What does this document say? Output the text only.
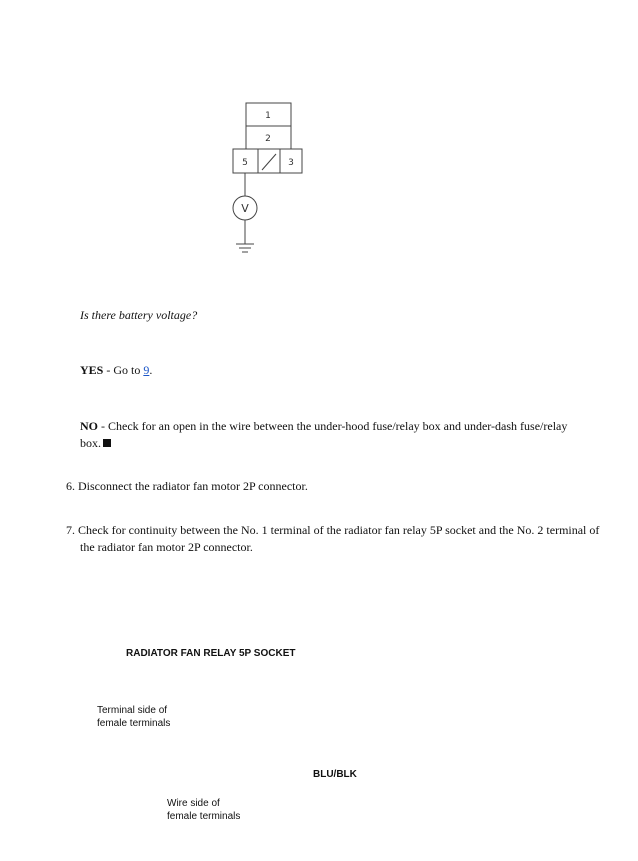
1
2
5	3
V
Is there battery voltage?
YES - Go to 9.
NO - Check for an open in the wire between the under-hood fuse/relay box and under-dash fuse/relay box.
6. Disconnect the radiator fan motor 2P connector.
7. Check for continuity between the No. 1 terminal of the radiator fan relay 5P socket and the No. 2 terminal of the radiator fan motor 2P connector.
RADIATOR FAN RELAY 5P SOCKET
Terminal side of
female terminals
BLU/BLK
Wire side of
female terminals
